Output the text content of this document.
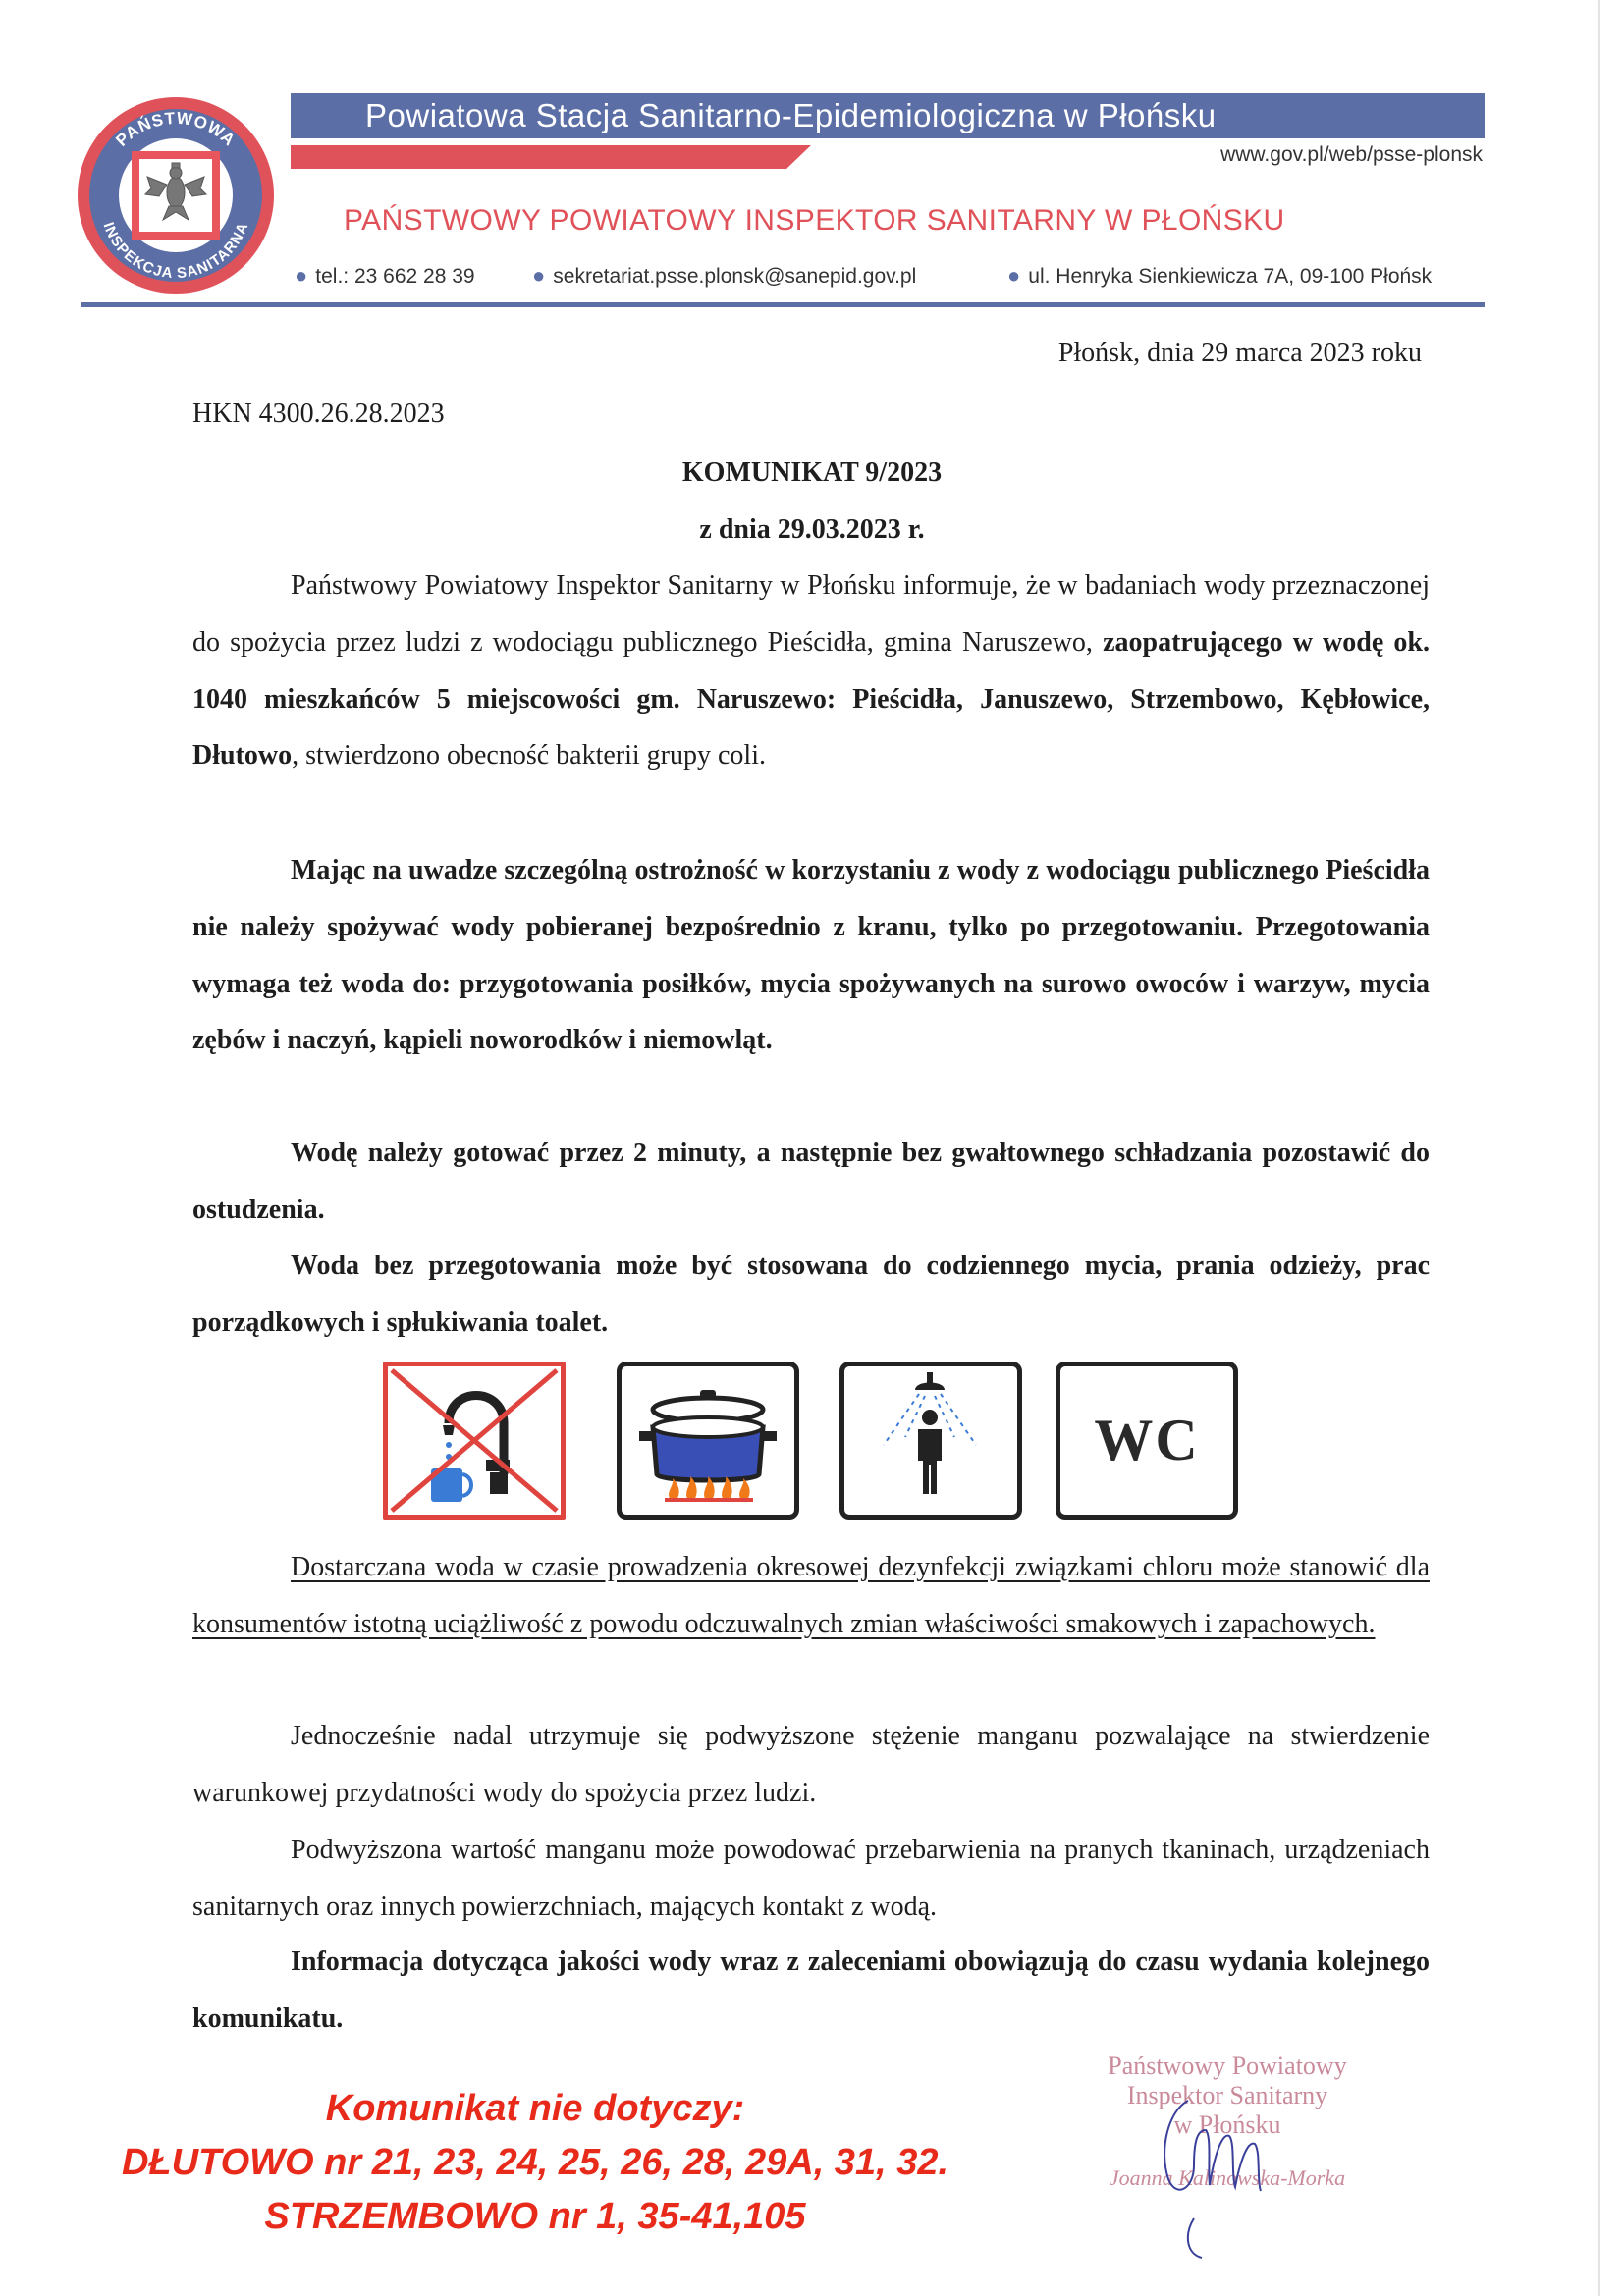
PAŃSTWOWA
INSPEKCJA SANITARNA
Powiatowa Stacja Sanitarno-Epidemiologiczna w Płońsku
www.gov.pl/web/psse-plonsk
PAŃSTWOWY POWIATOWY INSPEKTOR SANITARNY W PŁOŃSKU
● tel.: 23 662 28 39	● sekretariat.psse.plonsk@sanepid.gov.pl	● ul. Henryka Sienkiewicza 7A, 09-100 Płońsk
Płońsk, dnia 29 marca 2023 roku
HKN 4300.26.28.2023
KOMUNIKAT 9/2023
z dnia 29.03.2023 r.
Państwowy Powiatowy Inspektor Sanitarny w Płońsku informuje, że w badaniach wody przeznaczonej do spożycia przez ludzi z wodociągu publicznego Pieścidła, gmina Naruszewo, zaopatrującego w wodę ok. 1040 mieszkańców 5 miejscowości gm. Naruszewo: Pieścidła, Januszewo, Strzembowo, Kębłowice, Dłutowo, stwierdzono obecność bakterii grupy coli.
Mając na uwadze szczególną ostrożność w korzystaniu z wody z wodociągu publicznego Pieścidła nie należy spożywać wody pobieranej bezpośrednio z kranu, tylko po przegotowaniu. Przegotowania wymaga też woda do: przygotowania posiłków, mycia spożywanych na surowo owoców i warzyw, mycia zębów i naczyń, kąpieli noworodków i niemowląt.
Wodę należy gotować przez 2 minuty, a następnie bez gwałtownego schładzania pozostawić do ostudzenia.
Woda bez przegotowania może być stosowana do codziennego mycia, prania odzieży, prac porządkowych i spłukiwania toalet.
WC
Dostarczana woda w czasie prowadzenia okresowej dezynfekcji związkami chloru może stanowić dla konsumentów istotną uciążliwość z powodu odczuwalnych zmian właściwości smakowych i zapachowych.
Jednocześnie nadal utrzymuje się podwyższone stężenie manganu pozwalające na stwierdzenie warunkowej przydatności wody do spożycia przez ludzi.
Podwyższona wartość manganu może powodować przebarwienia na pranych tkaninach, urządzeniach sanitarnych oraz innych powierzchniach, mających kontakt z wodą.
Informacja dotycząca jakości wody wraz z zaleceniami obowiązują do czasu wydania kolejnego komunikatu.
Komunikat nie dotyczy:
DŁUTOWO nr 21, 23, 24, 25, 26, 28, 29A, 31, 32.
STRZEMBOWO nr 1, 35-41,105
Państwowy Powiatowy
Inspektor Sanitarny
w Płońsku
Joanna Kalinowska-Morka
